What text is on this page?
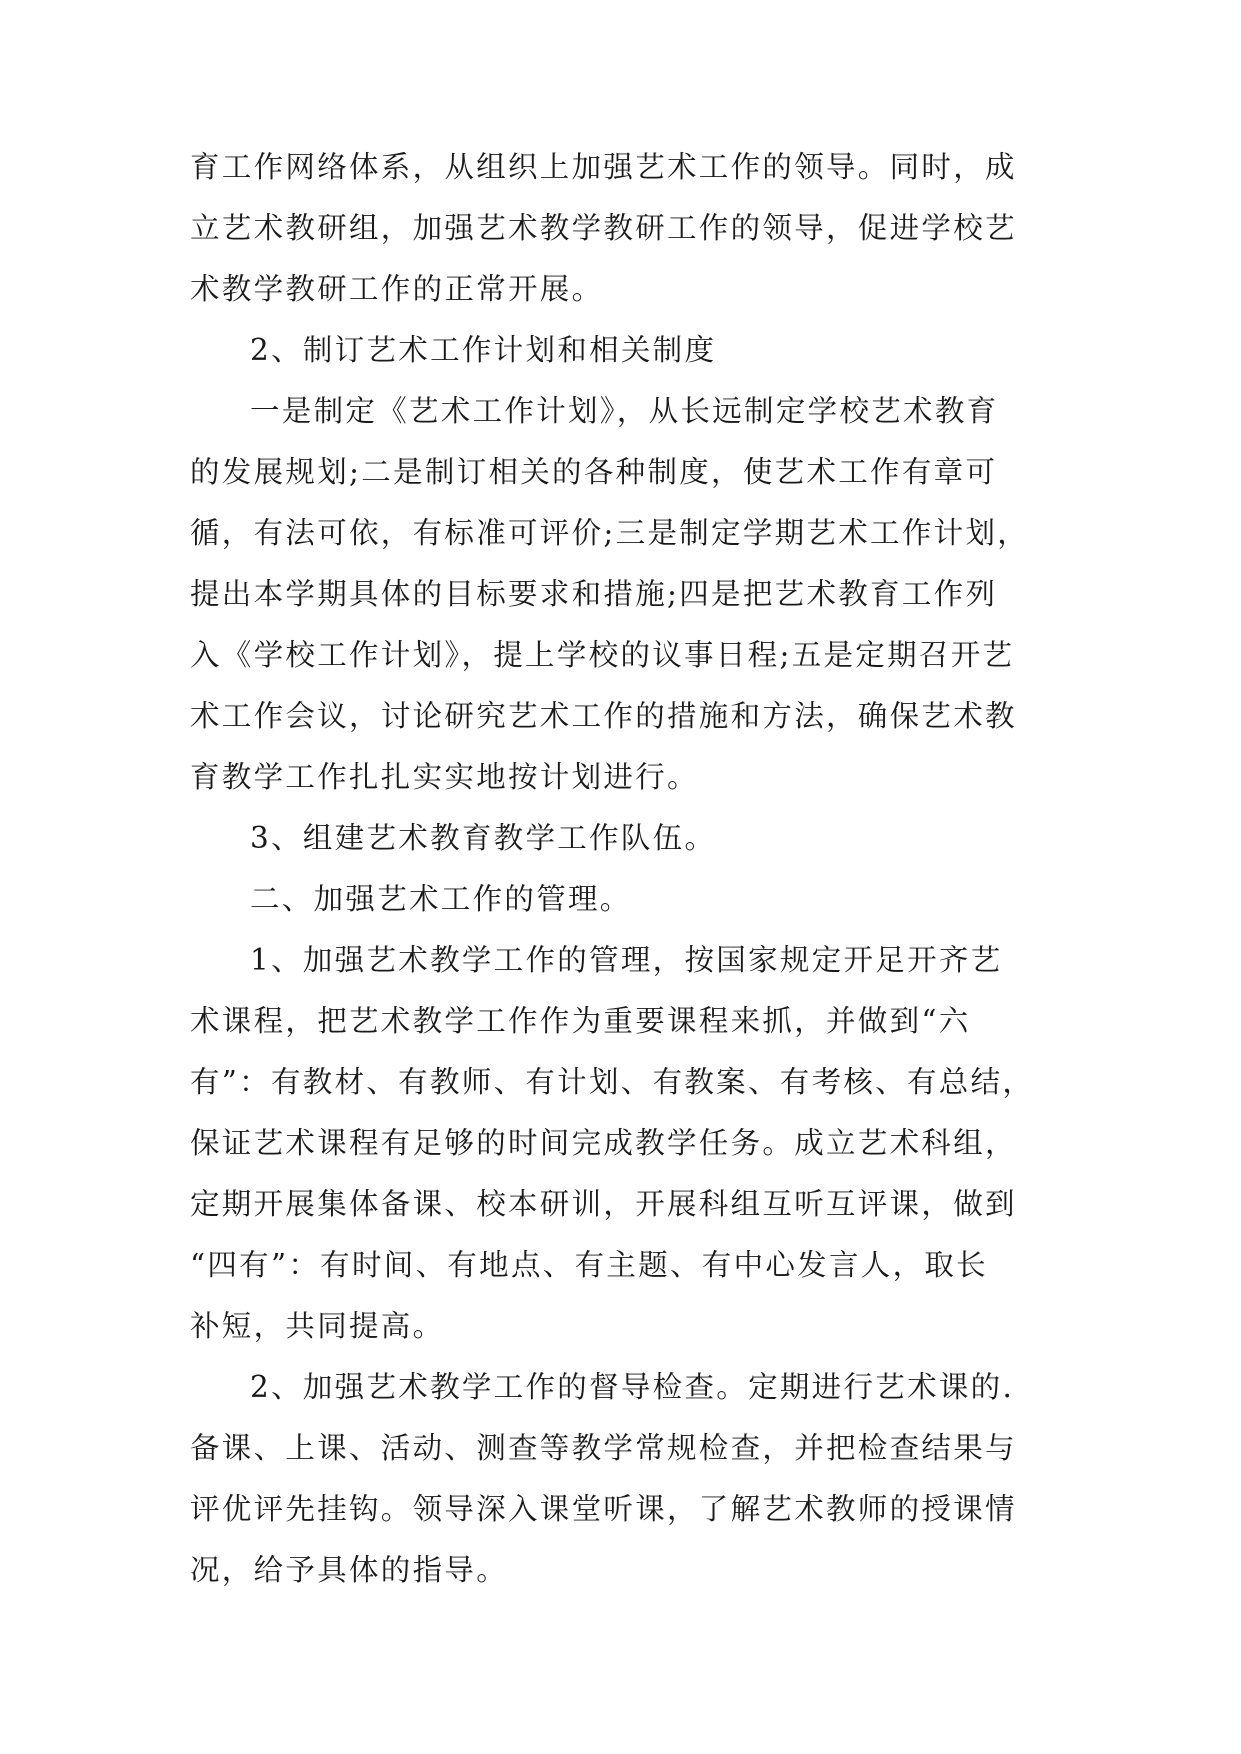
育工作网络体系，从组织上加强艺术工作的领导。同时，成
立艺术教研组，加强艺术教学教研工作的领导，促进学校艺
术教学教研工作的正常开展。
2、制订艺术工作计划和相关制度
一是制定《艺术工作计划》，从长远制定学校艺术教育
的发展规划;二是制订相关的各种制度，使艺术工作有章可
循，有法可依，有标准可评价;三是制定学期艺术工作计划，
提出本学期具体的目标要求和措施;四是把艺术教育工作列
入《学校工作计划》，提上学校的议事日程;五是定期召开艺
术工作会议，讨论研究艺术工作的措施和方法，确保艺术教
育教学工作扎扎实实地按计划进行。
3、组建艺术教育教学工作队伍。
二、加强艺术工作的管理。
1、加强艺术教学工作的管理，按国家规定开足开齐艺
术课程，把艺术教学工作作为重要课程来抓，并做到“六
有”：有教材、有教师、有计划、有教案、有考核、有总结，
保证艺术课程有足够的时间完成教学任务。成立艺术科组，
定期开展集体备课、校本研训，开展科组互听互评课，做到
“四有”：有时间、有地点、有主题、有中心发言人，取长
补短，共同提高。
2、加强艺术教学工作的督导检查。定期进行艺术课的.
备课、上课、活动、测查等教学常规检查，并把检查结果与
评优评先挂钩。领导深入课堂听课，了解艺术教师的授课情
况，给予具体的指导。
